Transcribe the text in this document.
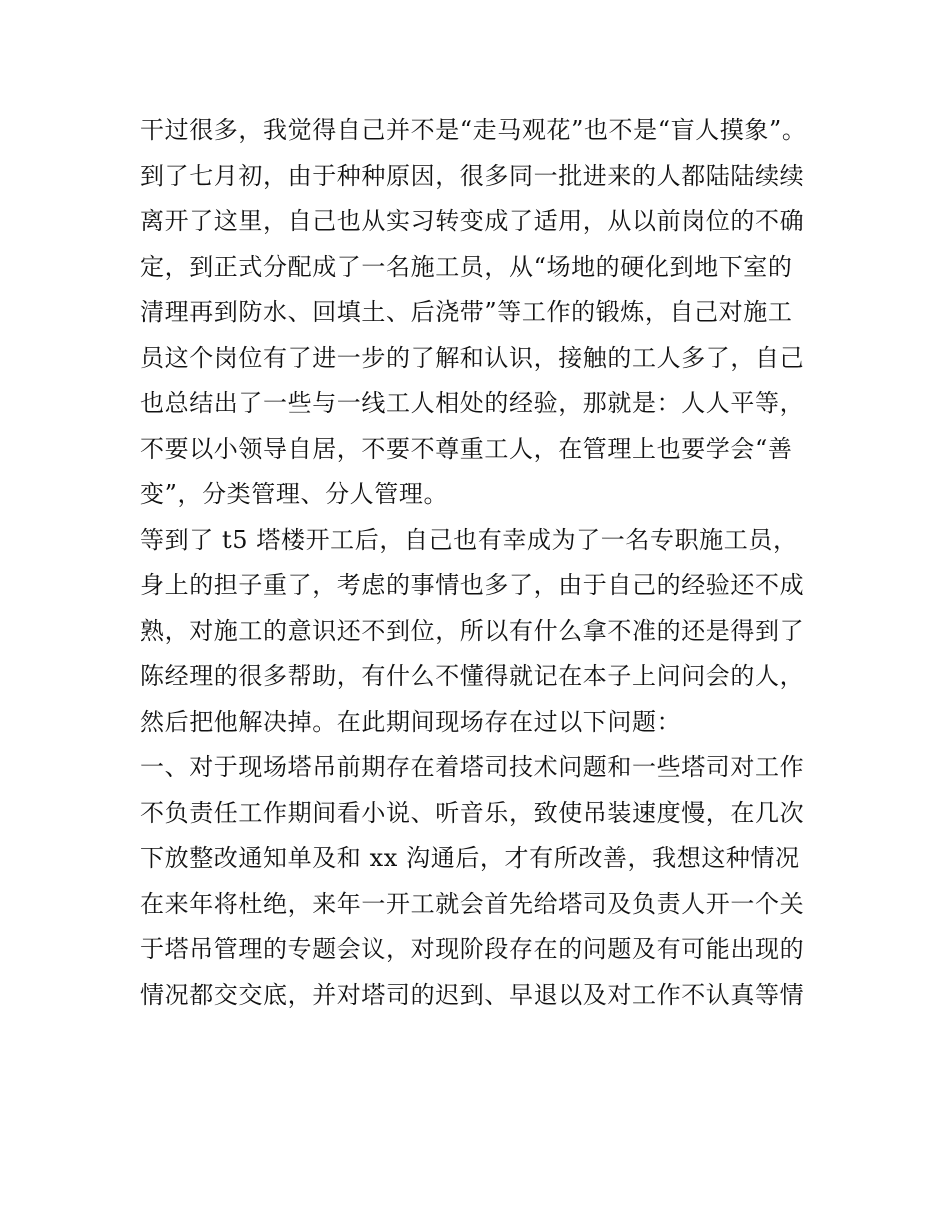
干过很多，我觉得自己并不是“走马观花”也不是“盲人摸象”。
到了七月初，由于种种原因，很多同一批进来的人都陆陆续续
离开了这里，自己也从实习转变成了适用，从以前岗位的不确
定，到正式分配成了一名施工员，从“场地的硬化到地下室的
清理再到防水、回填土、后浇带”等工作的锻炼，自己对施工
员这个岗位有了进一步的了解和认识，接触的工人多了，自己
也总结出了一些与一线工人相处的经验，那就是：人人平等，
不要以小领导自居，不要不尊重工人，在管理上也要学会“善
变”，分类管理、分人管理。
等到了 t5 塔楼开工后，自己也有幸成为了一名专职施工员，
身上的担子重了，考虑的事情也多了，由于自己的经验还不成
熟，对施工的意识还不到位，所以有什么拿不准的还是得到了
陈经理的很多帮助，有什么不懂得就记在本子上问问会的人，
然后把他解决掉。在此期间现场存在过以下问题：
一、对于现场塔吊前期存在着塔司技术问题和一些塔司对工作
不负责任工作期间看小说、听音乐，致使吊装速度慢，在几次
下放整改通知单及和 xx 沟通后，才有所改善，我想这种情况
在来年将杜绝，来年一开工就会首先给塔司及负责人开一个关
于塔吊管理的专题会议，对现阶段存在的问题及有可能出现的
情况都交交底，并对塔司的迟到、早退以及对工作不认真等情
